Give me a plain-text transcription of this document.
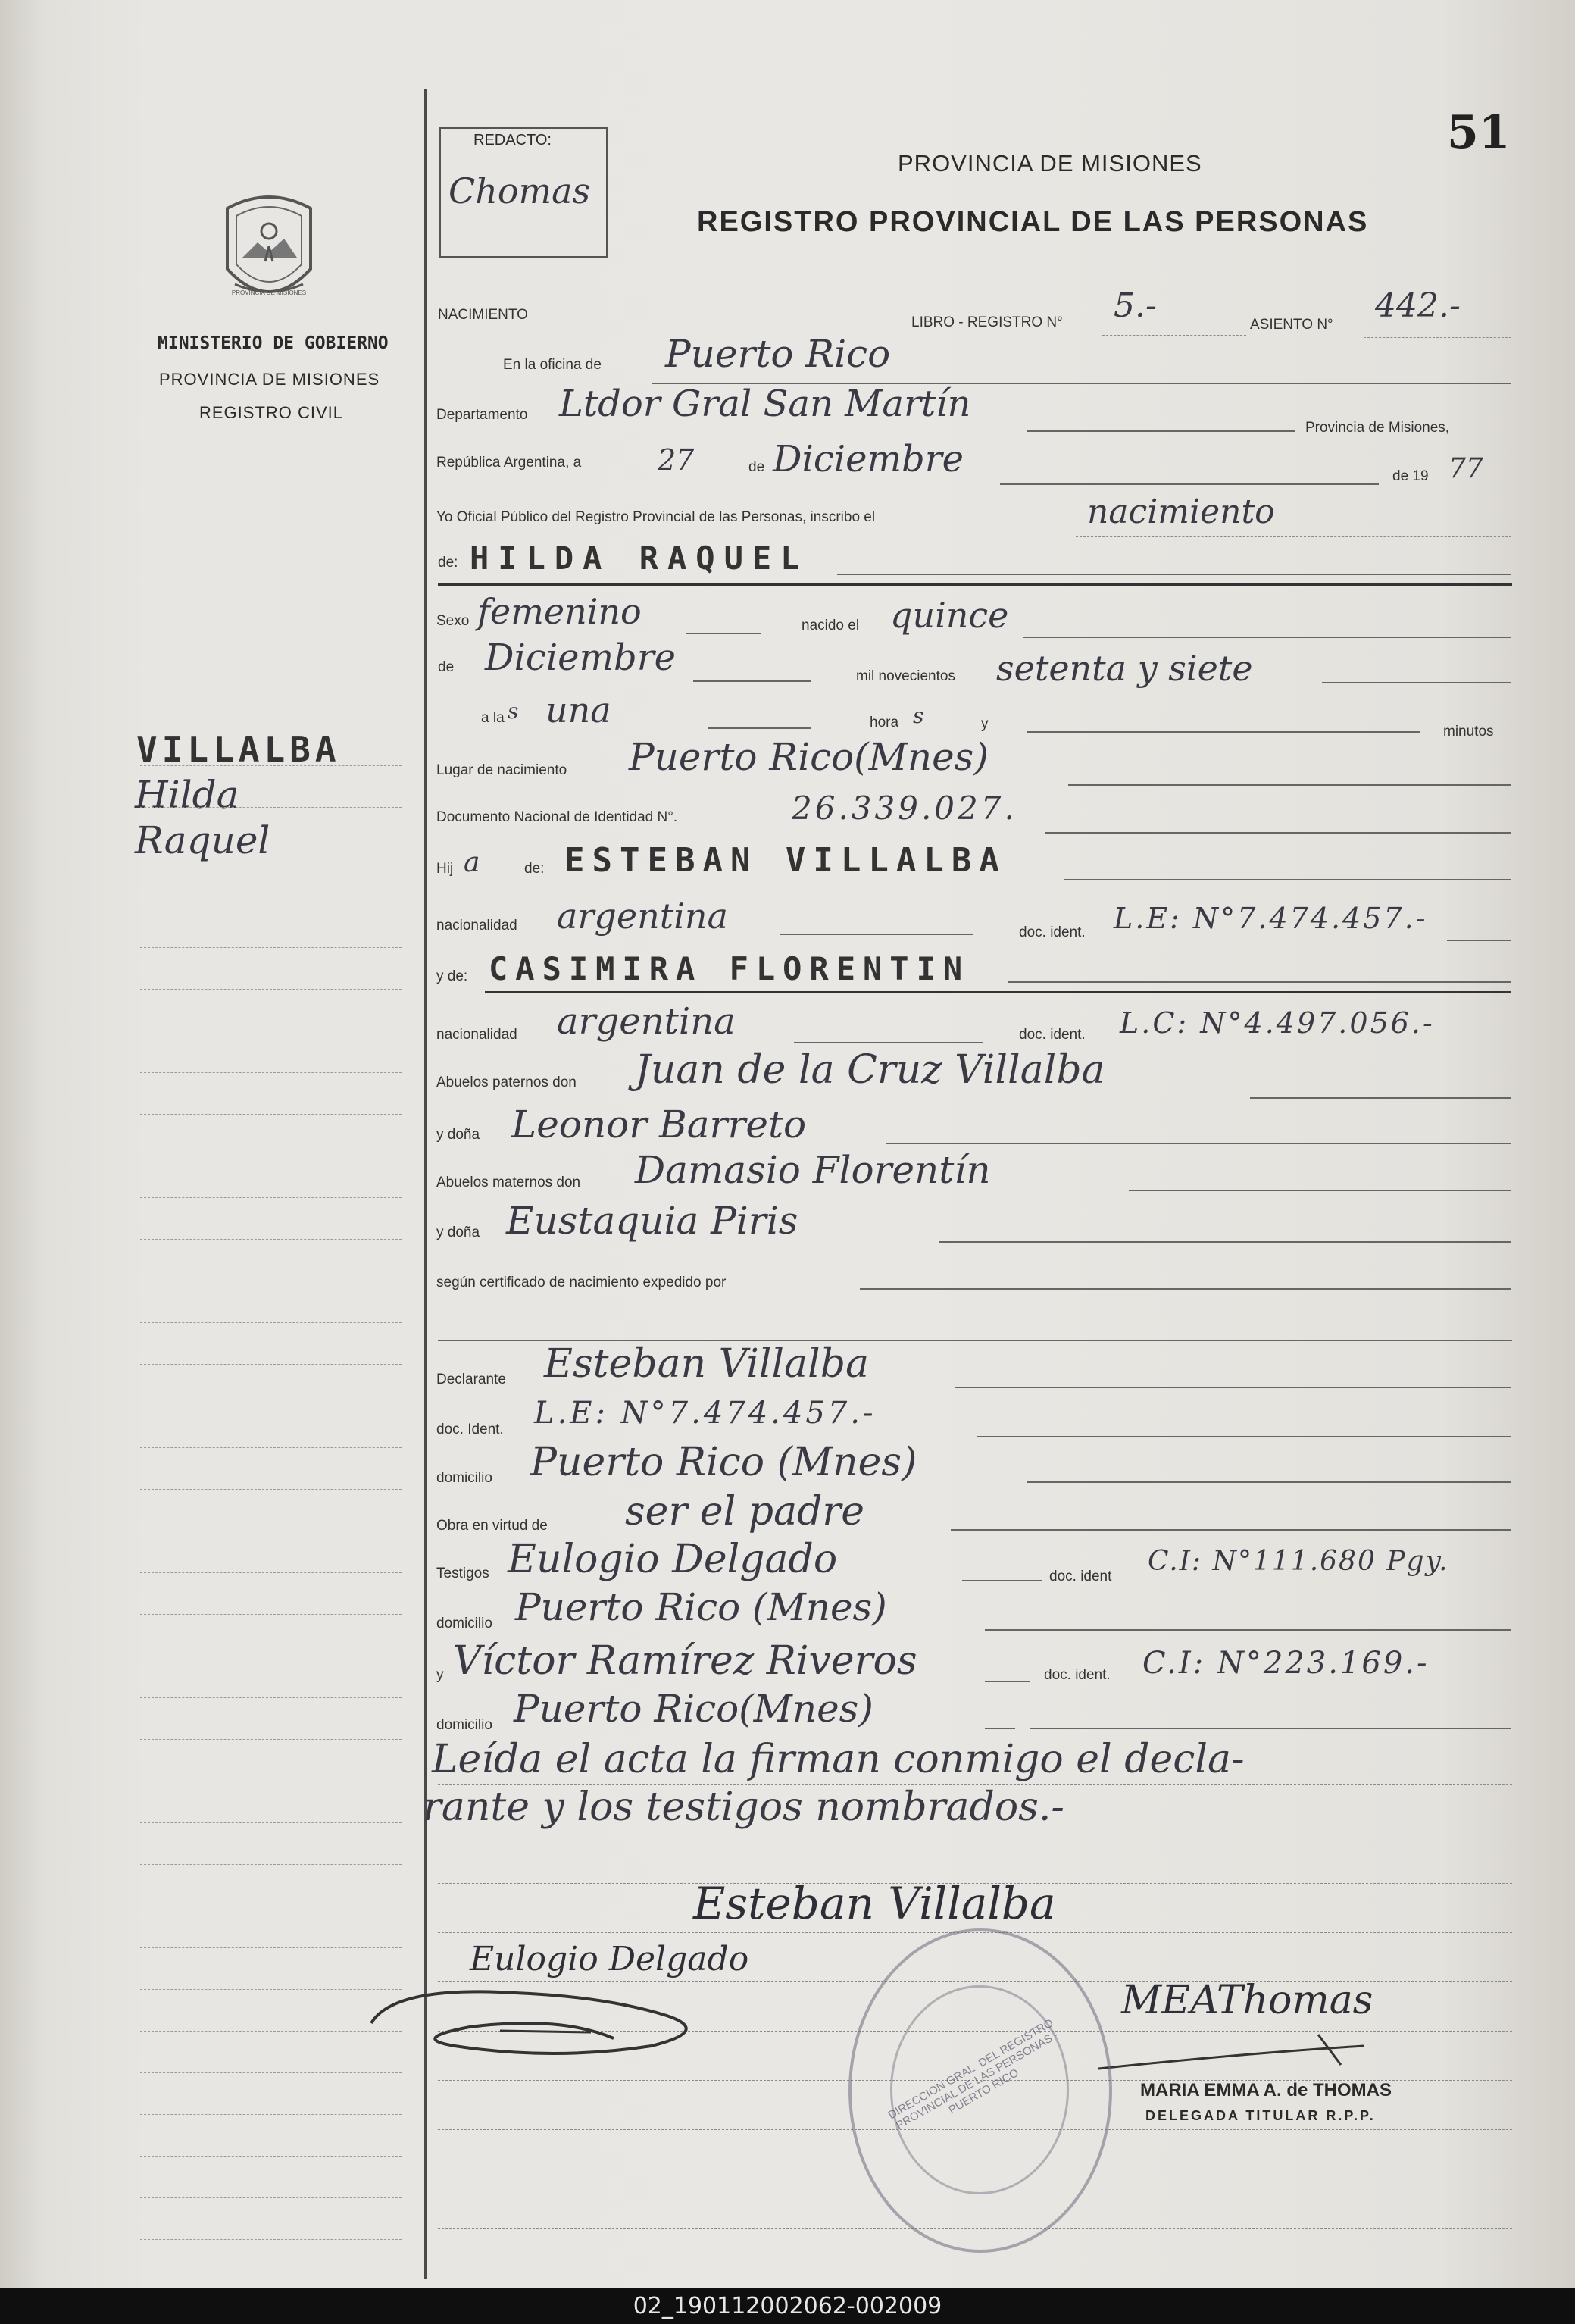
51
REDACTO:
Chomas
PROVINCIA DE MISIONES
REGISTRO PROVINCIAL DE LAS PERSONAS
PROVINCIA DE MISIONES
MINISTERIO DE GOBIERNO
PROVINCIA DE MISIONES
REGISTRO CIVIL
VILLALBA
Hilda
Raquel
NACIMIENTO	LIBRO - REGISTRO N° 5.-	ASIENTO N° 442.-
En la oficina de Puerto Rico
Departamento Ltdor Gral San Martín
Provincia de Misiones,
República Argentina, a	27	de Diciembre	de 19 77
Yo Oficial Público del Registro Provincial de las Personas, inscribo el	nacimiento
de: HILDA RAQUEL
Sexo femenino	nacido el quince
de Diciembre	mil novecientos setenta y siete
a la s una	hora s	y	minutos
Lugar de nacimiento Puerto Rico(Mnes)
Documento Nacional de Identidad N°.	26.339.027.
Hij a	de: ESTEBAN VILLALBA
nacionalidad argentina	doc. ident. L.E: N°7.474.457.-
y de: CASIMIRA FLORENTIN
nacionalidad argentina	doc. ident. L.C: N°4.497.056.-
Abuelos paternos don Juan de la Cruz Villalba
y doña Leonor Barreto
Abuelos maternos don Damasio Florentín
y doña Eustaquia Piris
según certificado de nacimiento expedido por
Declarante Esteban Villalba
doc. Ident. L.E: N°7.474.457.-
domicilio Puerto Rico (Mnes)
Obra en virtud de ser el padre
Testigos Eulogio Delgado	doc. ident C.I: N°111.680 Pgy.
domicilio Puerto Rico (Mnes)
y Víctor Ramírez Riveros	doc. ident. C.I: N°223.169.-
domicilio Puerto Rico(Mnes)
Leída el acta la firman conmigo el decla-
rante y los testigos nombrados.-
Esteban Villalba
Eulogio Delgado
MEAThomas
MARIA EMMA A. de THOMAS
DELEGADA TITULAR R.P.P.
DIRECCION GRAL. DEL REGISTRO PROVINCIAL DE LAS PERSONAS · PUERTO RICO
02_190112002062-002009
